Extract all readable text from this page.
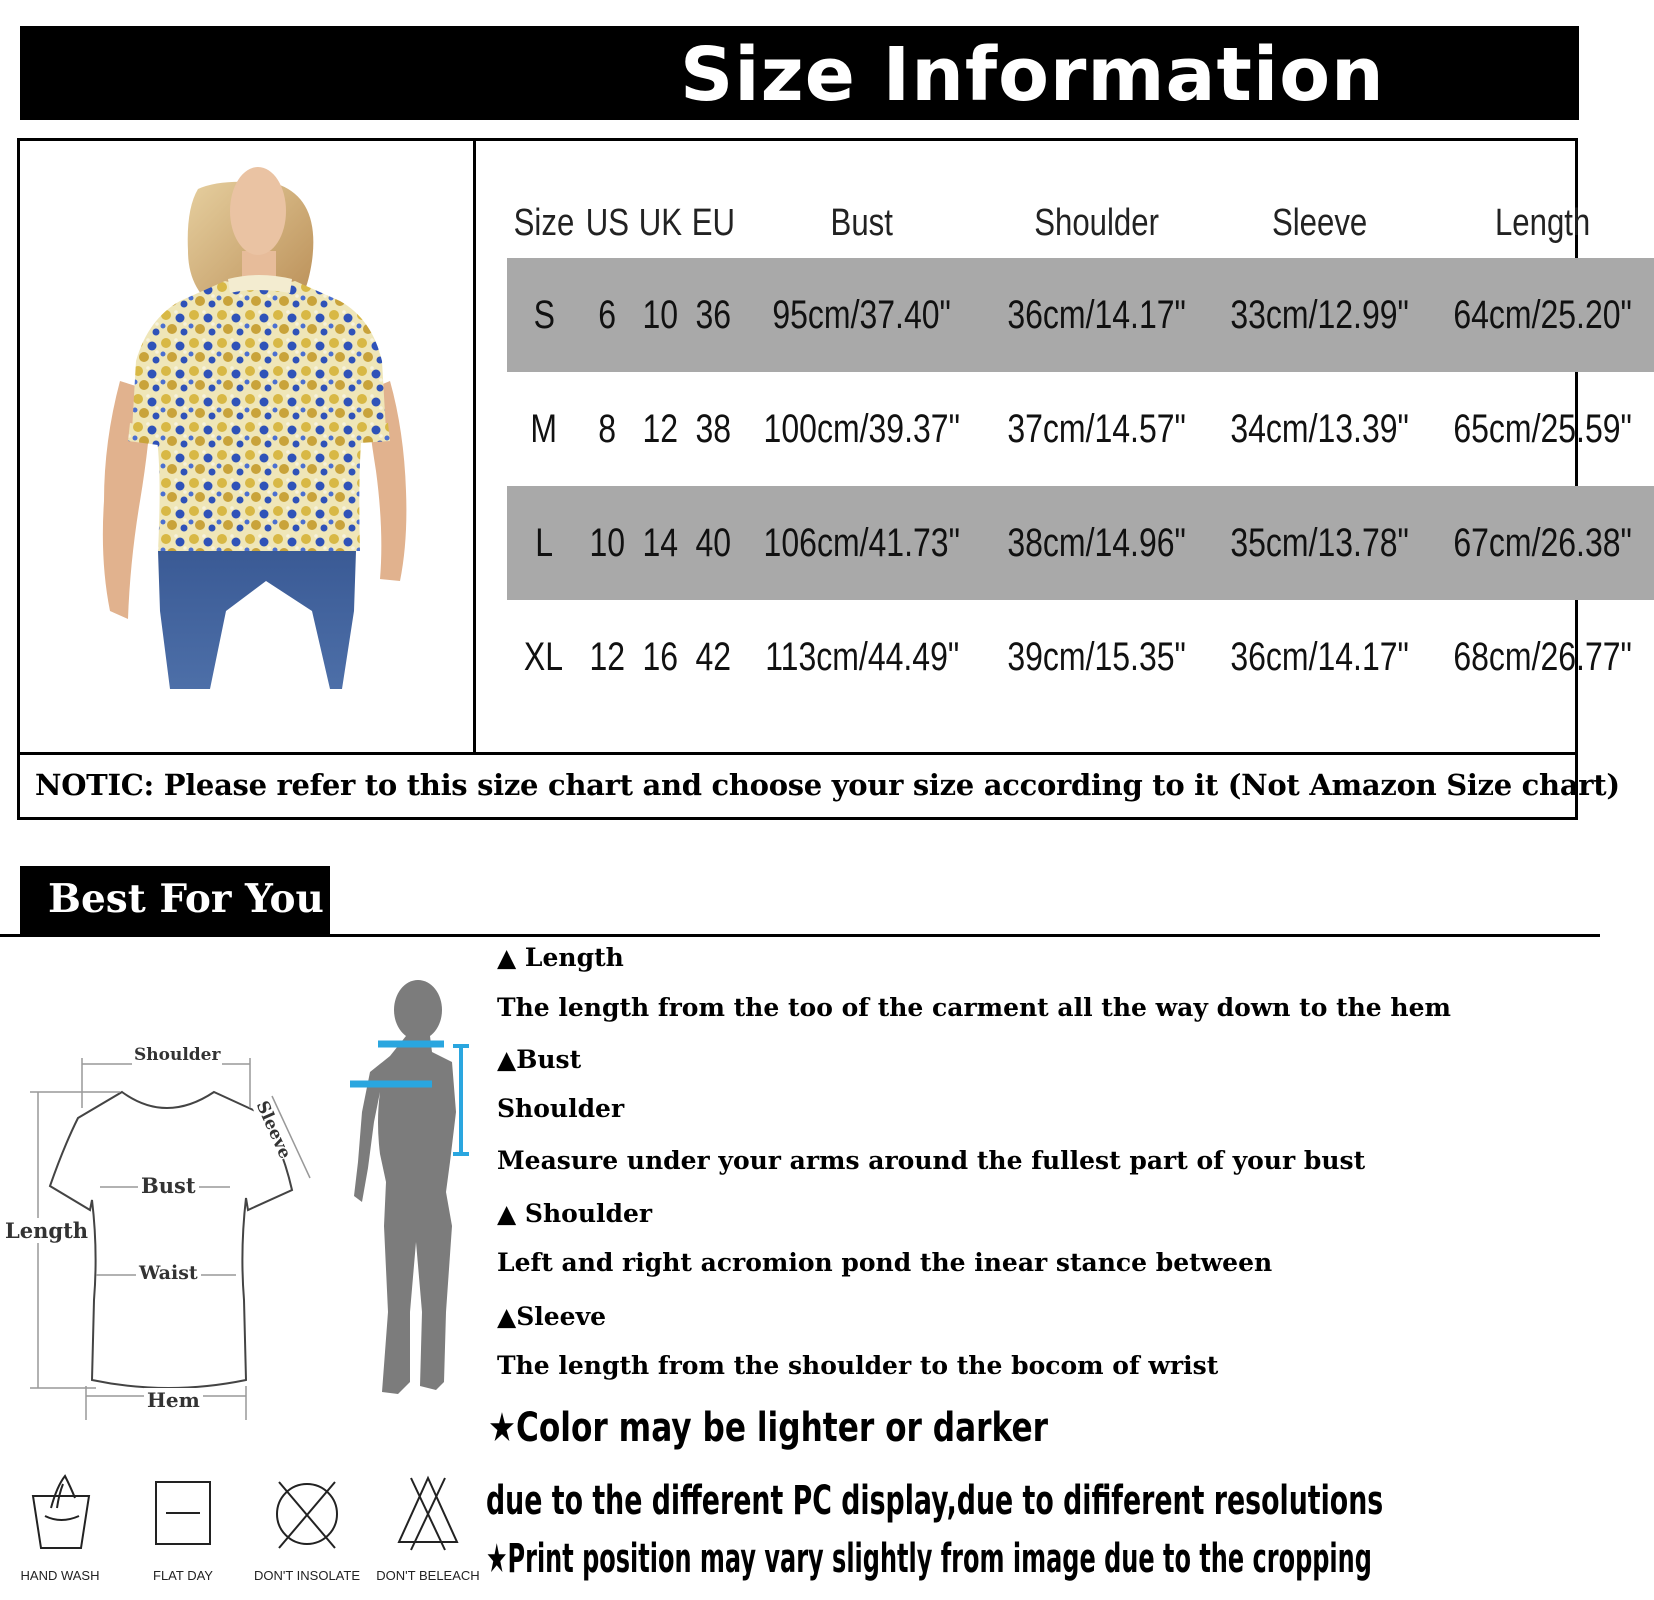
Size Information
Size	US	UK	EU	Bust	Shoulder	Sleeve	Length
S	6	10	36	95cm/37.40"	36cm/14.17"	33cm/12.99"	64cm/25.20"
M	8	12	38	100cm/39.37"	37cm/14.57"	34cm/13.39"	65cm/25.59"
L	10	14	40	106cm/41.73"	38cm/14.96"	35cm/13.78"	67cm/26.38"
XL	12	16	42	113cm/44.49"	39cm/15.35"	36cm/14.17"	68cm/26.77"
NOTIC: Please refer to this size chart and choose your size according to it (Not Amazon Size chart)
Best For You
Shoulder
Sleeve
Bust
Length
Waist
Hem
▲ Length
The length from the too of the carment all the way down to the hem
▲Bust
Shoulder
Measure under your arms around the fullest part of your bust
▲ Shoulder
Left and right acromion pond the inear stance between
▲Sleeve
The length from the shoulder to the bocom of wrist
★Color may be lighter or darker
due to the different PC display,due to dififerent resolutions
★Print position may vary slightly from image due to the cropping
HAND WASH	FLAT DAY	DON'T INSOLATE DON'T BELEACH
